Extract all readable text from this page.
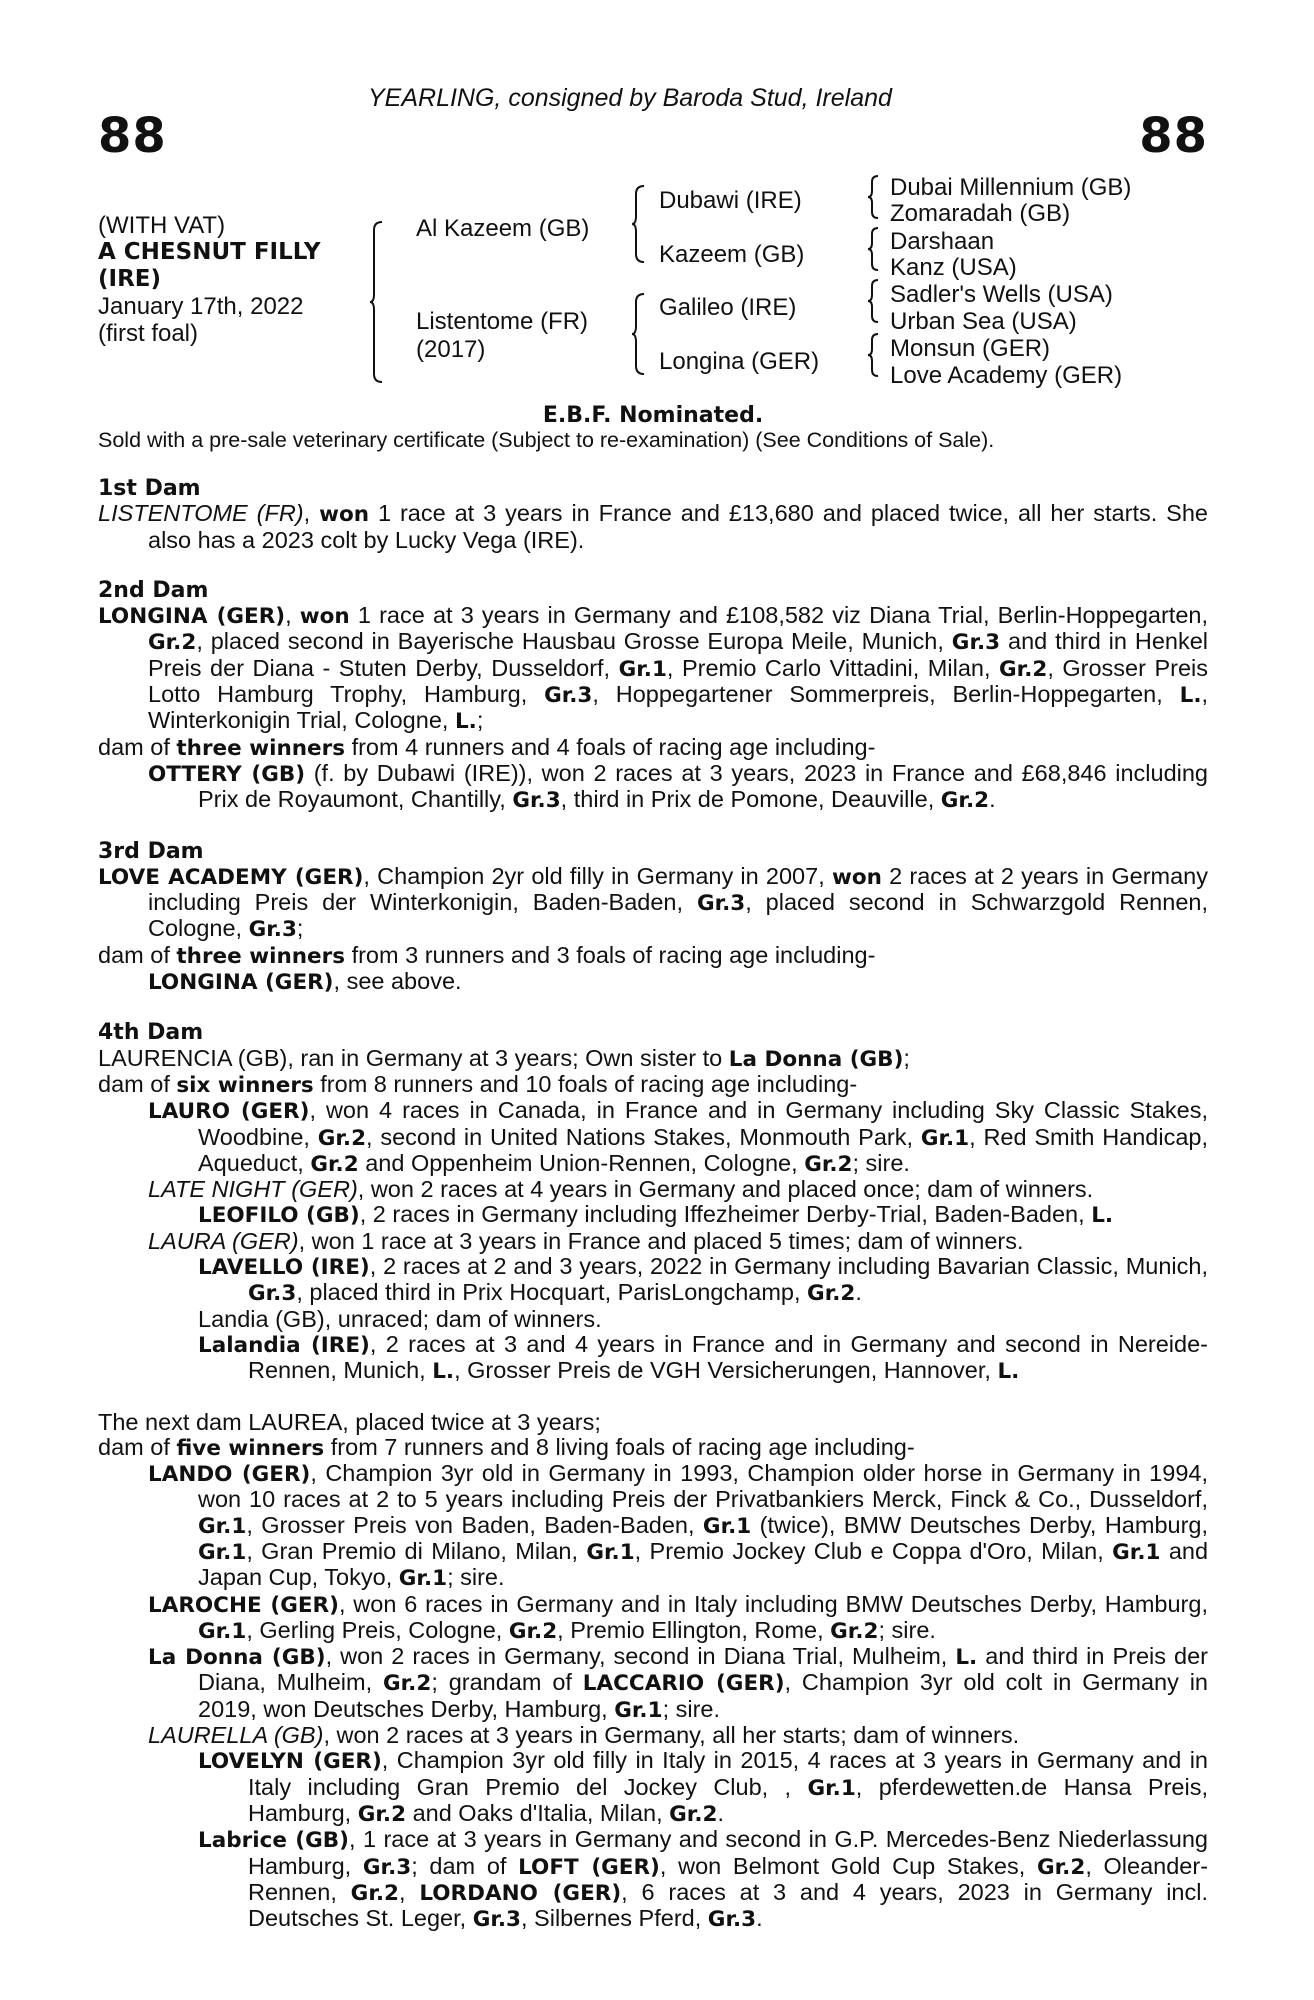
88	88
YEARLING, consigned by Baroda Stud, Ireland
(WITH VAT)
A CHESNUT FILLY
(IRE)
January 17th, 2022
(first foal)
Al Kazeem (GB)
Listentome (FR)
(2017)
Dubawi (IRE)
Kazeem (GB)
Galileo (IRE)
Longina (GER)
Dubai Millennium (GB)
Zomaradah (GB)
Darshaan
Kanz (USA)
Sadler's Wells (USA)
Urban Sea (USA)
Monsun (GER)
Love Academy (GER)
E.B.F. Nominated.
Sold with a pre-sale veterinary certificate (Subject to re-examination) (See Conditions of Sale).
1st Dam
LISTENTOME (FR), won 1 race at 3 years in France and £13,680 and placed twice, all her starts. She also has a 2023 colt by Lucky Vega (IRE).
2nd Dam
LONGINA (GER), won 1 race at 3 years in Germany and £108,582 viz Diana Trial, Berlin-Hoppegarten, Gr.2, placed second in Bayerische Hausbau Grosse Europa Meile, Munich, Gr.3 and third in Henkel Preis der Diana - Stuten Derby, Dusseldorf, Gr.1, Premio Carlo Vittadini, Milan, Gr.2, Grosser Preis Lotto Hamburg Trophy, Hamburg, Gr.3, Hoppegartener Sommerpreis, Berlin-Hoppegarten, L., Winterkonigin Trial, Cologne, L.;
dam of three winners from 4 runners and 4 foals of racing age including-
OTTERY (GB) (f. by Dubawi (IRE)), won 2 races at 3 years, 2023 in France and £68,846 including Prix de Royaumont, Chantilly, Gr.3, third in Prix de Pomone, Deauville, Gr.2.
3rd Dam
LOVE ACADEMY (GER), Champion 2yr old filly in Germany in 2007, won 2 races at 2 years in Germany including Preis der Winterkonigin, Baden-Baden, Gr.3, placed second in Schwarzgold Rennen, Cologne, Gr.3;
dam of three winners from 3 runners and 3 foals of racing age including-
LONGINA (GER), see above.
4th Dam
LAURENCIA (GB), ran in Germany at 3 years; Own sister to La Donna (GB);
dam of six winners from 8 runners and 10 foals of racing age including-
LAURO (GER), won 4 races in Canada, in France and in Germany including Sky Classic Stakes, Woodbine, Gr.2, second in United Nations Stakes, Monmouth Park, Gr.1, Red Smith Handicap, Aqueduct, Gr.2 and Oppenheim Union-Rennen, Cologne, Gr.2; sire.
LATE NIGHT (GER), won 2 races at 4 years in Germany and placed once; dam of winners.
LEOFILO (GB), 2 races in Germany including Iffezheimer Derby-Trial, Baden-Baden, L.
LAURA (GER), won 1 race at 3 years in France and placed 5 times; dam of winners.
LAVELLO (IRE), 2 races at 2 and 3 years, 2022 in Germany including Bavarian Classic, Munich, Gr.3, placed third in Prix Hocquart, ParisLongchamp, Gr.2.
Landia (GB), unraced; dam of winners.
Lalandia (IRE), 2 races at 3 and 4 years in France and in Germany and second in Nereide-Rennen, Munich, L., Grosser Preis de VGH Versicherungen, Hannover, L.
The next dam LAUREA, placed twice at 3 years;
dam of five winners from 7 runners and 8 living foals of racing age including-
LANDO (GER), Champion 3yr old in Germany in 1993, Champion older horse in Germany in 1994, won 10 races at 2 to 5 years including Preis der Privatbankiers Merck, Finck & Co., Dusseldorf, Gr.1, Grosser Preis von Baden, Baden-Baden, Gr.1 (twice), BMW Deutsches Derby, Hamburg, Gr.1, Gran Premio di Milano, Milan, Gr.1, Premio Jockey Club e Coppa d'Oro, Milan, Gr.1 and Japan Cup, Tokyo, Gr.1; sire.
LAROCHE (GER), won 6 races in Germany and in Italy including BMW Deutsches Derby, Hamburg, Gr.1, Gerling Preis, Cologne, Gr.2, Premio Ellington, Rome, Gr.2; sire.
La Donna (GB), won 2 races in Germany, second in Diana Trial, Mulheim, L. and third in Preis der Diana, Mulheim, Gr.2; grandam of LACCARIO (GER), Champion 3yr old colt in Germany in 2019, won Deutsches Derby, Hamburg, Gr.1; sire.
LAURELLA (GB), won 2 races at 3 years in Germany, all her starts; dam of winners.
LOVELYN (GER), Champion 3yr old filly in Italy in 2015, 4 races at 3 years in Germany and in Italy including Gran Premio del Jockey Club, , Gr.1, pferdewetten.de Hansa Preis, Hamburg, Gr.2 and Oaks d'Italia, Milan, Gr.2.
Labrice (GB), 1 race at 3 years in Germany and second in G.P. Mercedes-Benz Niederlassung Hamburg, Gr.3; dam of LOFT (GER), won Belmont Gold Cup Stakes, Gr.2, Oleander-Rennen, Gr.2, LORDANO (GER), 6 races at 3 and 4 years, 2023 in Germany incl. Deutsches St. Leger, Gr.3, Silbernes Pferd, Gr.3.
